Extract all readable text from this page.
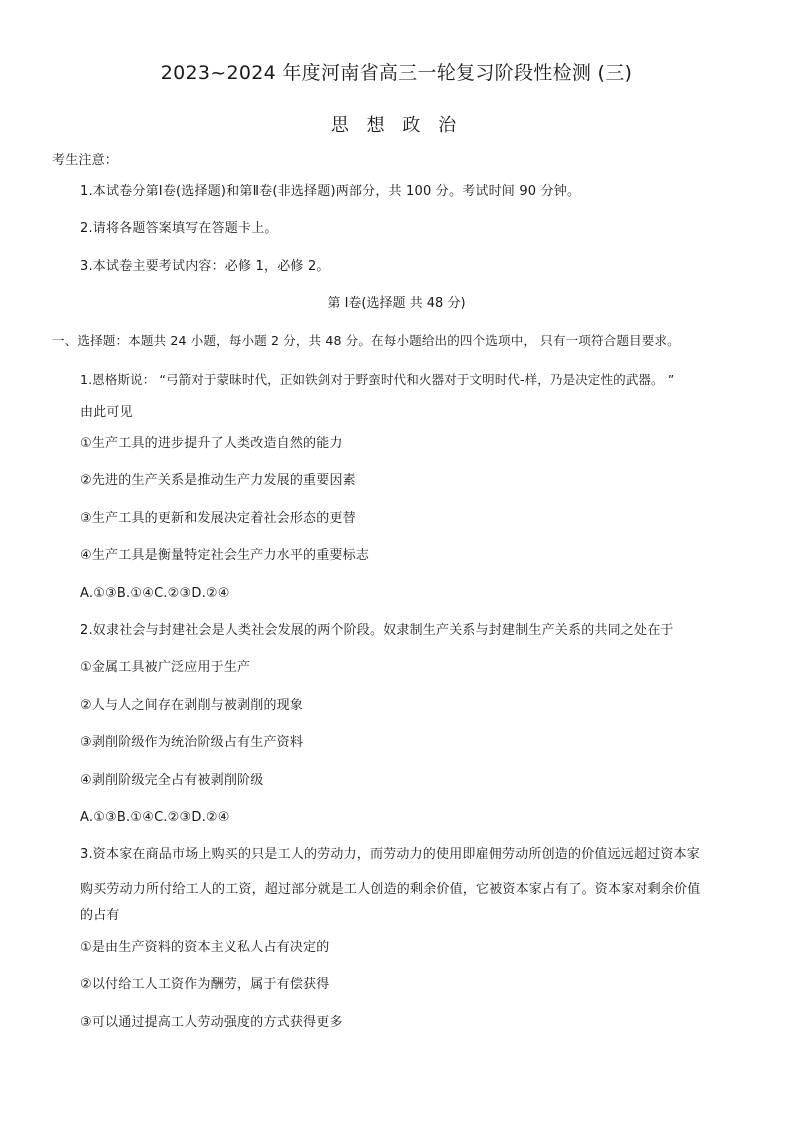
2023~2024 年度河南省高三一轮复习阶段性检测 (三)
思 想 政 治
考生注意：
1.本试卷分第Ⅰ卷(选择题)和第Ⅱ卷(非选择题)两部分，共 100 分。考试时间 90 分钟。
2.请将各题答案填写在答题卡上。
3.本试卷主要考试内容：必修 1，必修 2。
第 Ⅰ卷(选择题 共 48 分)
一、选择题：本题共 24 小题，每小题 2 分，共 48 分。在每小题给出的四个选项中， 只有一项符合题目要求。
1.恩格斯说： “弓箭对于蒙昧时代，正如铁剑对于野蛮时代和火器对于文明时代-样，乃是决定性的武器。 ”
由此可见
①生产工具的进步提升了人类改造自然的能力
②先进的生产关系是推动生产力发展的重要因素
③生产工具的更新和发展决定着社会形态的更替
④生产工具是衡量特定社会生产力水平的重要标志
A.①③B.①④C.②③D.②④
2.奴隶社会与封建社会是人类社会发展的两个阶段。奴隶制生产关系与封建制生产关系的共同之处在于
①金属工具被广泛应用于生产
②人与人之间存在剥削与被剥削的现象
③剥削阶级作为统治阶级占有生产资料
④剥削阶级完全占有被剥削阶级
A.①③B.①④C.②③D.②④
3.资本家在商品市场上购买的只是工人的劳动力，而劳动力的使用即雇佣劳动所创造的价值远远超过资本家
购买劳动力所付给工人的工资，超过部分就是工人创造的剩余价值，它被资本家占有了。资本家对剩余价值
的占有
①是由生产资料的资本主义私人占有决定的
②以付给工人工资作为酬劳，属于有偿获得
③可以通过提高工人劳动强度的方式获得更多
